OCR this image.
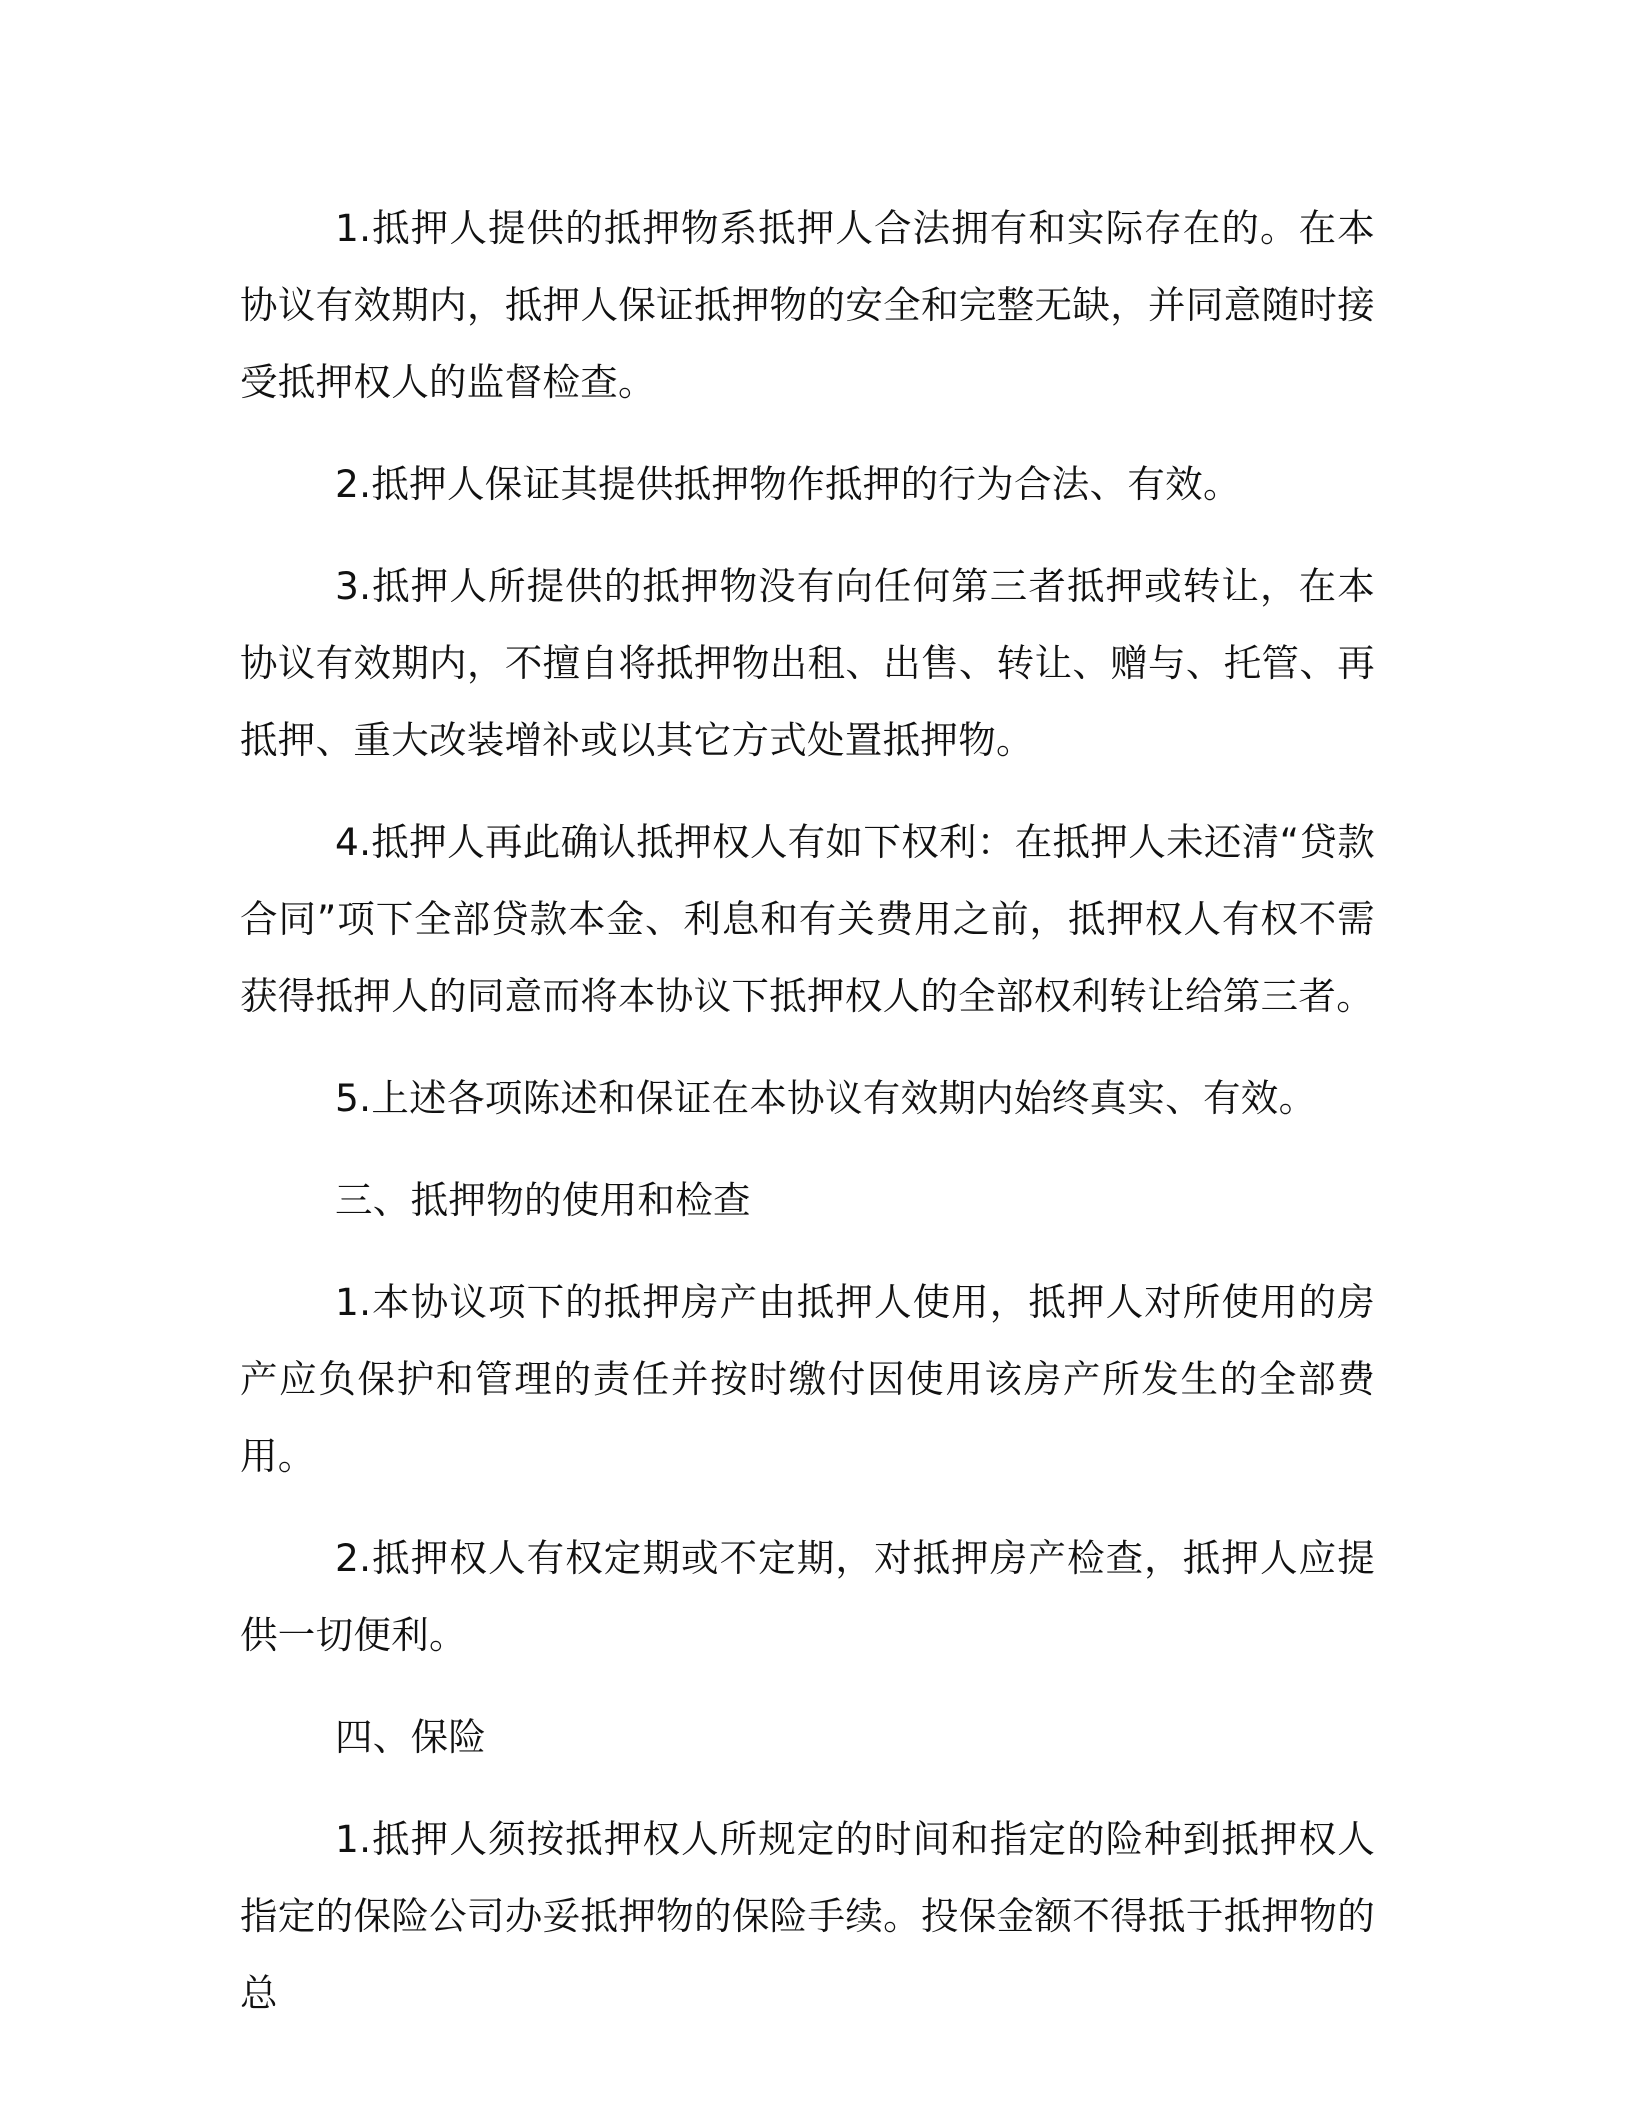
1.抵押人提供的抵押物系抵押人合法拥有和实际存在的。在本协议有效期内，抵押人保证抵押物的安全和完整无缺，并同意随时接受抵押权人的监督检查。

2.抵押人保证其提供抵押物作抵押的行为合法、有效。

3.抵押人所提供的抵押物没有向任何第三者抵押或转让，在本协议有效期内，不擅自将抵押物出租、出售、转让、赠与、托管、再抵押、重大改装增补或以其它方式处置抵押物。

4.抵押人再此确认抵押权人有如下权利：在抵押人未还清“贷款合同”项下全部贷款本金、利息和有关费用之前，抵押权人有权不需获得抵押人的同意而将本协议下抵押权人的全部权利转让给第三者。

5.上述各项陈述和保证在本协议有效期内始终真实、有效。

三、抵押物的使用和检查

1.本协议项下的抵押房产由抵押人使用，抵押人对所使用的房产应负保护和管理的责任并按时缴付因使用该房产所发生的全部费用。

2.抵押权人有权定期或不定期，对抵押房产检查，抵押人应提供一切便利。

四、保险

1.抵押人须按抵押权人所规定的时间和指定的险种到抵押权人指定的保险公司办妥抵押物的保险手续。投保金额不得抵于抵押物的总
